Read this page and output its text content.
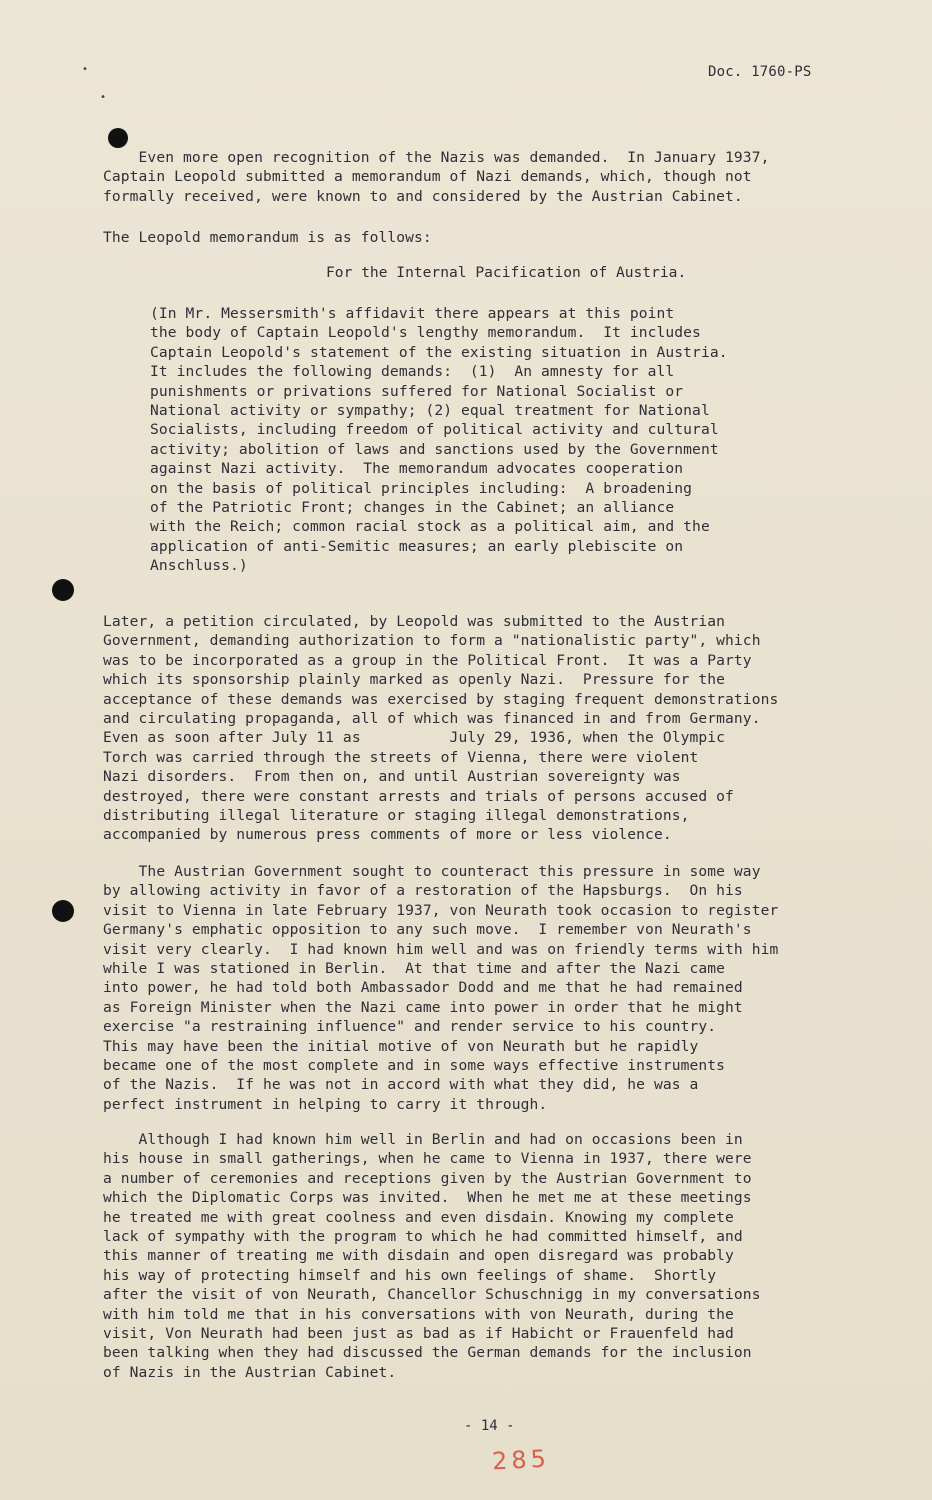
•
•
Doc. 1760-PS
Even more open recognition of the Nazis was demanded.  In January 1937,
Captain Leopold submitted a memorandum of Nazi demands, which, though not
formally received, were known to and considered by the Austrian Cabinet.
The Leopold memorandum is as follows:
For the Internal Pacification of Austria.
(In Mr. Messersmith's affidavit there appears at this point
the body of Captain Leopold's lengthy memorandum.  It includes
Captain Leopold's statement of the existing situation in Austria.
It includes the following demands:  (1)  An amnesty for all
punishments or privations suffered for National Socialist or
National activity or sympathy; (2) equal treatment for National
Socialists, including freedom of political activity and cultural
activity; abolition of laws and sanctions used by the Government
against Nazi activity.  The memorandum advocates cooperation
on the basis of political principles including:  A broadening
of the Patriotic Front; changes in the Cabinet; an alliance
with the Reich; common racial stock as a political aim, and the
application of anti-Semitic measures; an early plebiscite on
Anschluss.)
Later, a petition circulated, by Leopold was submitted to the Austrian
Government, demanding authorization to form a "nationalistic party", which
was to be incorporated as a group in the Political Front.  It was a Party
which its sponsorship plainly marked as openly Nazi.  Pressure for the
acceptance of these demands was exercised by staging frequent demonstrations
and circulating propaganda, all of which was financed in and from Germany.
Even as soon after July 11 as          July 29, 1936, when the Olympic
Torch was carried through the streets of Vienna, there were violent
Nazi disorders.  From then on, and until Austrian sovereignty was
destroyed, there were constant arrests and trials of persons accused of
distributing illegal literature or staging illegal demonstrations,
accompanied by numerous press comments of more or less violence.
The Austrian Government sought to counteract this pressure in some way
by allowing activity in favor of a restoration of the Hapsburgs.  On his
visit to Vienna in late February 1937, von Neurath took occasion to register
Germany's emphatic opposition to any such move.  I remember von Neurath's
visit very clearly.  I had known him well and was on friendly terms with him
while I was stationed in Berlin.  At that time and after the Nazi came
into power, he had told both Ambassador Dodd and me that he had remained
as Foreign Minister when the Nazi came into power in order that he might
exercise "a restraining influence" and render service to his country.
This may have been the initial motive of von Neurath but he rapidly
became one of the most complete and in some ways effective instruments
of the Nazis.  If he was not in accord with what they did, he was a
perfect instrument in helping to carry it through.
Although I had known him well in Berlin and had on occasions been in
his house in small gatherings, when he came to Vienna in 1937, there were
a number of ceremonies and receptions given by the Austrian Government to
which the Diplomatic Corps was invited.  When he met me at these meetings
he treated me with great coolness and even disdain. Knowing my complete
lack of sympathy with the program to which he had committed himself, and
this manner of treating me with disdain and open disregard was probably
his way of protecting himself and his own feelings of shame.  Shortly
after the visit of von Neurath, Chancellor Schuschnigg in my conversations
with him told me that in his conversations with von Neurath, during the
visit, Von Neurath had been just as bad as if Habicht or Frauenfeld had
been talking when they had discussed the German demands for the inclusion
of Nazis in the Austrian Cabinet.
- 14 -
285
